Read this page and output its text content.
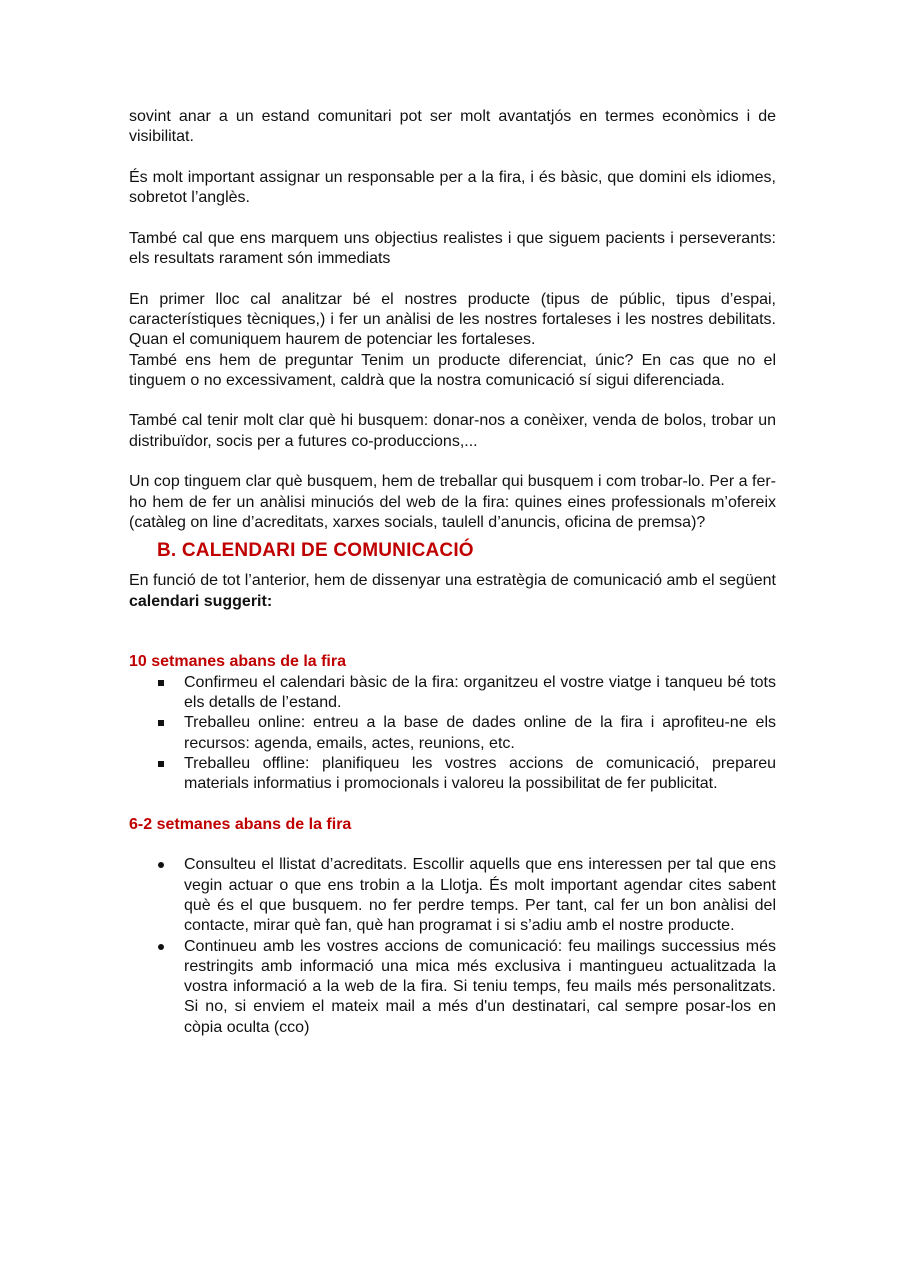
sovint anar a un estand comunitari pot ser molt avantatjós en termes econòmics i de visibilitat.

És molt important assignar un responsable per a la fira, i és bàsic, que domini els idiomes, sobretot l’anglès.

També cal que ens marquem uns objectius realistes i que siguem pacients i perseverants: els resultats rarament són immediats

En primer lloc cal analitzar bé el nostres producte (tipus de públic, tipus d’espai, característiques tècniques,) i fer un anàlisi de les nostres fortaleses i les nostres debilitats. Quan el comuniquem haurem de potenciar les fortaleses.

També ens hem de preguntar Tenim un producte diferenciat, únic? En cas que no el tinguem o no excessivament, caldrà que la nostra comunicació sí sigui diferenciada.

També cal tenir molt clar què hi busquem: donar-nos a conèixer, venda de bolos, trobar un distribuïdor, socis per a futures co-produccions,...

Un cop tinguem clar què busquem, hem de treballar qui busquem i com trobar-lo. Per a fer-ho hem de fer un anàlisi minuciós del web de la fira: quines eines professionals m’ofereix (catàleg on line d’acreditats, xarxes socials, taulell d’anuncis, oficina de premsa)?

B. CALENDARI DE COMUNICACIÓ

En funció de tot l’anterior, hem de dissenyar una estratègia de comunicació amb el següent calendari suggerit:

10 setmanes abans de la fira
Confirmeu el calendari bàsic de la fira: organitzeu el vostre viatge i tanqueu bé tots els detalls de l’estand.
Treballeu online: entreu a la base de dades online de la fira i aprofiteu-ne els recursos: agenda, emails, actes, reunions, etc.
Treballeu offline: planifiqueu les vostres accions de comunicació, prepareu materials informatius i promocionals i valoreu la possibilitat de fer publicitat.
6-2 setmanes abans de la fira
Consulteu el llistat d’acreditats. Escollir aquells que ens interessen per tal que ens vegin actuar o que ens trobin a la Llotja. És molt important agendar cites sabent què és el que busquem. no fer perdre temps. Per tant, cal fer un bon anàlisi del contacte, mirar què fan, què han programat i si s’adiu amb el nostre producte.
Continueu amb les vostres accions de comunicació: feu mailings successius més restringits amb informació una mica més exclusiva i mantingueu actualitzada la vostra informació a la web de la fira. Si teniu temps, feu mails més personalitzats. Si no, si enviem el mateix mail a més d'un destinatari, cal sempre posar-los en còpia oculta (cco)
